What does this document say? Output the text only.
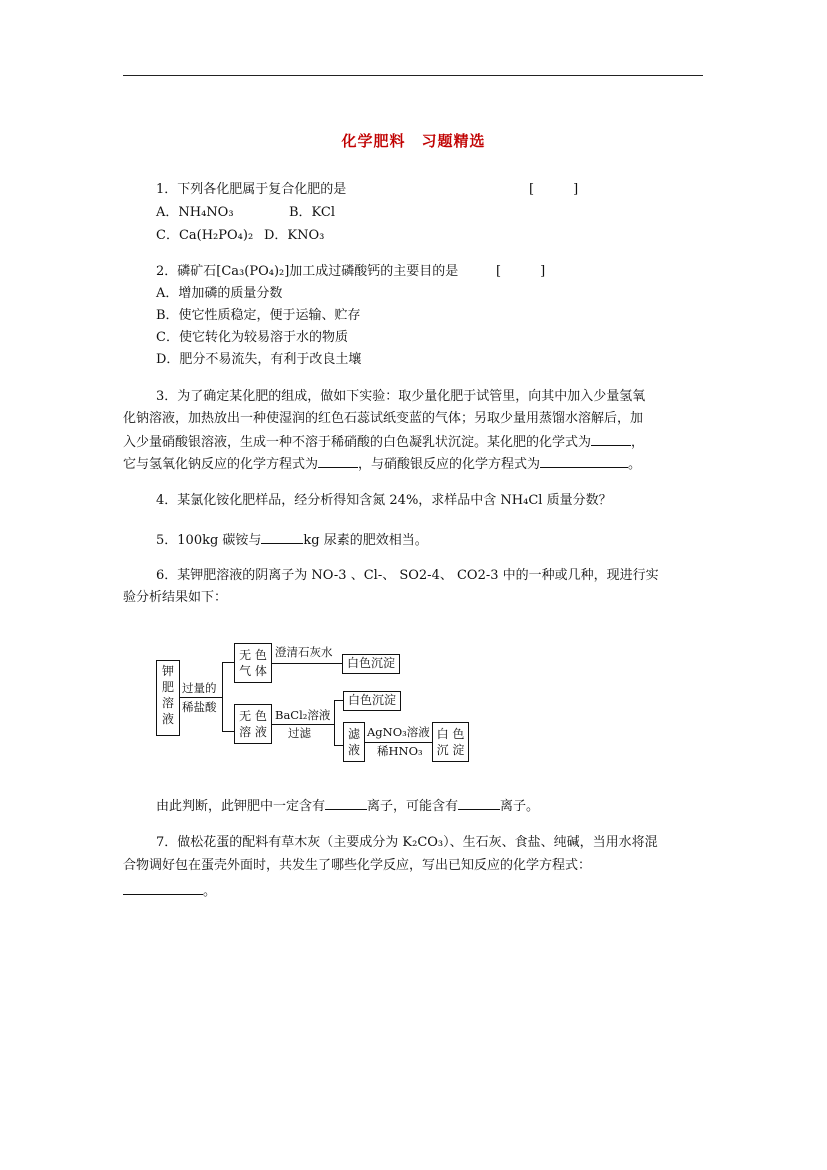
化学肥料　习题精选
1．下列各化肥属于复合化肥的是	[　　　]
A．NH₄NO₃	B．KCl
C．Ca(H₂PO₄)₂ D．KNO₃
2．磷矿石[Ca₃(PO₄)₂]加工成过磷酸钙的主要目的是	[　　　]
A．增加磷的质量分数
B．使它性质稳定，便于运输、贮存
C．使它转化为较易溶于水的物质
D．肥分不易流失，有利于改良土壤
3．为了确定某化肥的组成，做如下实验：取少量化肥于试管里，向其中加入少量氢氧
化钠溶液，加热放出一种使湿润的红色石蕊试纸变蓝的气体；另取少量用蒸馏水溶解后，加
入少量硝酸银溶液，生成一种不溶于稀硝酸的白色凝乳状沉淀。某化肥的化学式为	，
它与氢氧化钠反应的化学方程式为	，与硝酸银反应的化学方程式为	。
4．某氯化铵化肥样品，经分析得知含氮 24%，求样品中含 NH₄Cl 质量分数？
5．100kg 碳铵与	kg 尿素的肥效相当。
6．某钾肥溶液的阴离子为 NO-3 、Cl-、 SO2-4、 CO2-3 中的一种或几种，现进行实
验分析结果如下：
钾
肥
溶
液
过量的
稀盐酸
无 色
气 体
澄清石灰水
白色沉淀
无 色
溶 液
BaCl₂溶液
过滤
白色沉淀
滤
液
AgNO₃溶液
稀HNO₃
白 色
沉 淀
由此判断，此钾肥中一定含有	离子，可能含有	离子。
7．做松花蛋的配料有草木灰（主要成分为 K₂CO₃）、生石灰、食盐、纯碱，当用水将混
合物调好包在蛋壳外面时，共发生了哪些化学反应，写出已知反应的化学方程式：
。
